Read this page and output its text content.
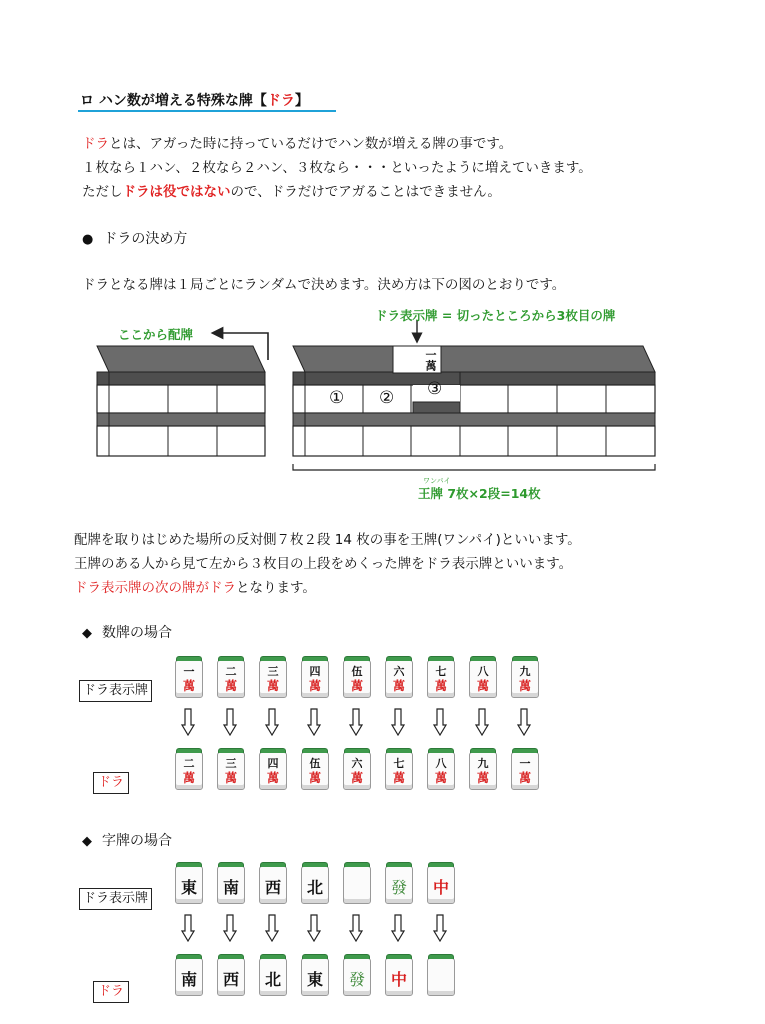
ロ ハン数が増える特殊な牌【ドラ】
ドラとは、アガった時に持っているだけでハン数が増える牌の事です。
１枚なら１ハン、２枚なら２ハン、３枚なら・・・といったように増えていきます。
ただしドラは役ではないので、ドラだけでアガることはできません。
● ドラの決め方
ドラとなる牌は１局ごとにランダムで決めます。決め方は下の図のとおりです。
ここから配牌
ドラ表示牌 = 切ったところから3枚目の牌
一萬
① ② ③
ワンパイ
王牌 7枚×2段=14枚
配牌を取りはじめた場所の反対側７枚２段 14 枚の事を王牌(ワンパイ)といいます。
王牌のある人から見て左から３枚目の上段をめくった牌をドラ表示牌といいます。
ドラ表示牌の次の牌がドラとなります。
◆ 数牌の場合
ドラ表示牌
ドラ
一
萬
二
萬
三
萬
四
萬
伍
萬
六
萬
七
萬
八
萬
九
萬
二
萬
三
萬
四
萬
伍
萬
六
萬
七
萬
八
萬
九
萬
一
萬
◆ 字牌の場合
ドラ表示牌
ドラ
東	南	西	北	發	中
南	西	北	東	發	中
